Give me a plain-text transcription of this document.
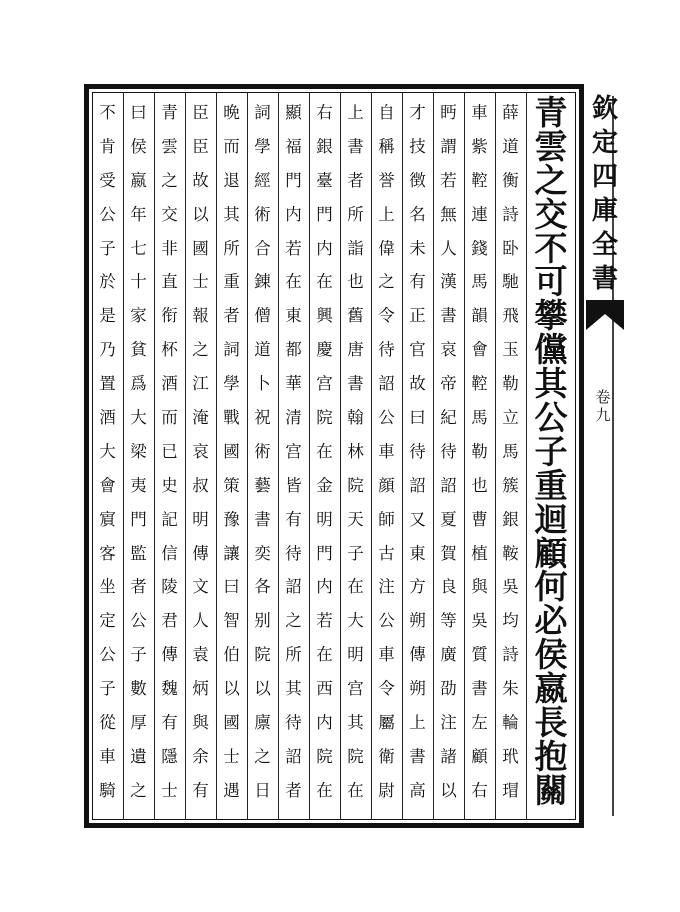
青
雲
之
交
不
可
攀
儻
其
公
子
重
迴
顧
何
必
侯
嬴
長
抱
關
薛
道
衡
詩
卧
馳
飛
玉
勒
立
馬
簇
銀
鞍
吳
均
詩
朱
輪
玳
瑁
車
紫
鞚
連
錢
馬
韻
會
鞚
馬
勒
也
曹
植
與
吳
質
書
左
顧
右
眄
謂
若
無
人
漢
書
哀
帝
紀
待
詔
夏
賀
良
等
廣
劭
注
諸
以
才
技
徴
名
未
有
正
官
故
曰
待
詔
又
東
方
朔
傳
朔
上
書
高
自
稱
誉
上
偉
之
令
待
詔
公
車
顔
師
古
注
公
車
令
屬
衛
尉
上
書
者
所
詣
也
舊
唐
書
翰
林
院
天
子
在
大
明
宫
其
院
在
右
銀
臺
門
内
在
興
慶
宫
院
在
金
明
門
内
若
在
西
内
院
在
顯
福
門
内
若
在
東
都
華
清
宫
皆
有
待
詔
之
所
其
待
詔
者
詞
學
經
術
合
錬
僧
道
卜
祝
術
藝
書
奕
各
别
院
以
廪
之
日
晩
而
退
其
所
重
者
詞
學
戰
國
策
豫
讓
曰
智
伯
以
國
士
遇
臣
臣
故
以
國
士
報
之
江
淹
哀
叔
明
傳
文
人
袁
炳
與
余
有
青
雲
之
交
非
直
衔
杯
酒
而
已
史
記
信
陵
君
傳
魏
有
隱
士
曰
侯
嬴
年
七
十
家
貧
爲
大
梁
夷
門
監
者
公
子
數
厚
遺
之
不
肯
受
公
子
於
是
乃
置
酒
大
會
賔
客
坐
定
公
子
從
車
騎
欽
定
四
庫
全
書
卷
九
